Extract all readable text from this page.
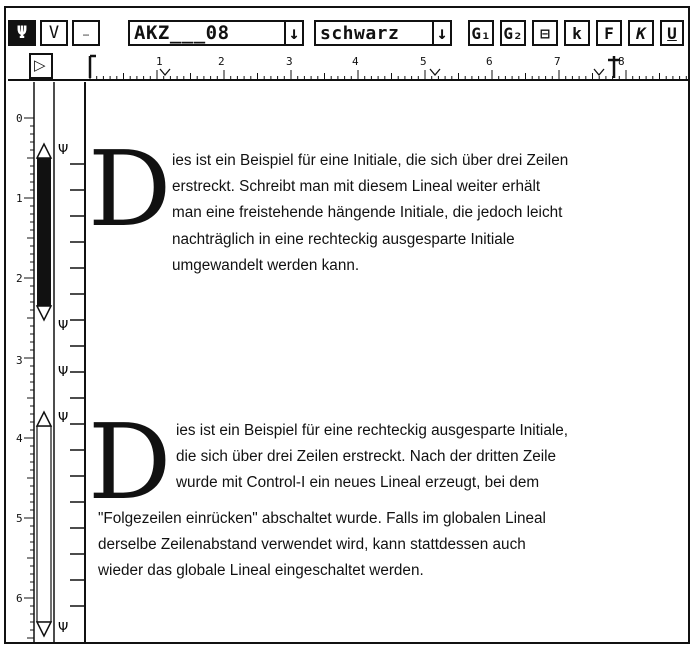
Ψ V … AKZ___08	↓ schwarz ↓ G₁ G₂ ⊟ k F K U
▷	1	2	3	4	5	6	7	8
Ψ
Ψ
Ψ
Ψ
Ψ
0
1
2
3
4
5
6
D ies ist ein Beispiel für eine Initiale, die sich über drei Zeilen
erstreckt. Schreibt man mit diesem Lineal weiter erhält
man eine freistehende hängende Initiale, die jedoch leicht
nachträglich in eine rechteckig ausgesparte Initiale
umgewandelt werden kann.
D ies ist ein Beispiel für eine rechteckig ausgesparte Initiale,
die sich über drei Zeilen erstreckt. Nach der dritten Zeile
wurde mit Control-I ein neues Lineal erzeugt, bei dem
"Folgezeilen einrücken" abschaltet wurde. Falls im globalen Lineal
derselbe Zeilenabstand verwendet wird, kann stattdessen auch
wieder das globale Lineal eingeschaltet werden.
